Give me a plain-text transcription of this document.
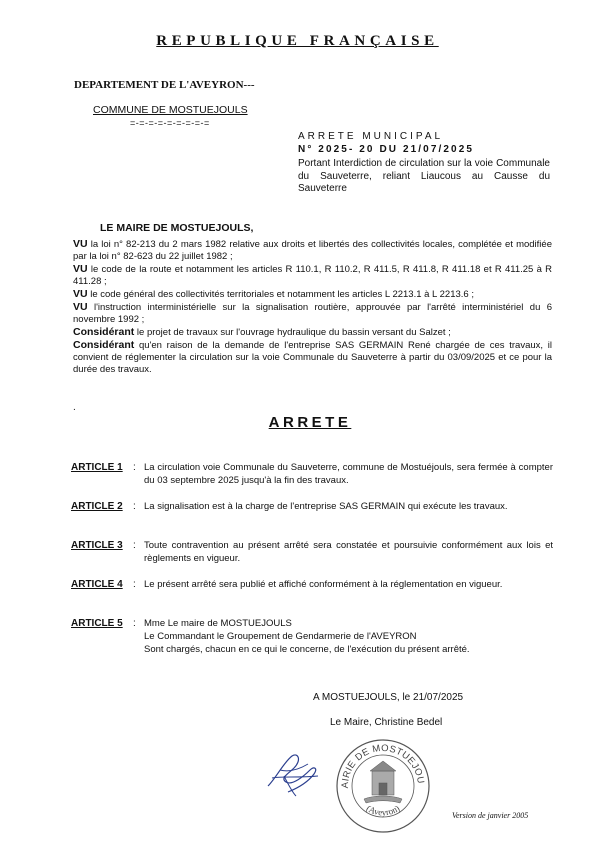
REPUBLIQUE FRANÇAISE
DEPARTEMENT DE L'AVEYRON---
COMMUNE DE MOSTUEJOULS
=-=-=-=-=-=-=-=-=
ARRETE MUNICIPAL
N° 2025- 20 DU 21/07/2025
Portant Interdiction de circulation sur la voie Communale du Sauveterre, reliant Liaucous au Causse du Sauveterre
LE MAIRE DE MOSTUEJOULS,

VU la loi n° 82-213 du 2 mars 1982 relative aux droits et libertés des collectivités locales, complétée et modifiée par la loi n° 82-623 du 22 juillet 1982 ;

VU le code de la route et notamment les articles R 110.1, R 110.2, R 411.5, R 411.8, R 411.18 et R 411.25 à R 411.28 ;

VU le code général des collectivités territoriales et notamment les articles L 2213.1 à L 2213.6 ;

VU l'instruction interministérielle sur la signalisation routière, approuvée par l'arrêté interministériel du 6 novembre 1992 ;

Considérant le projet de travaux sur l'ouvrage hydraulique du bassin versant du Salzet ;

Considérant qu'en raison de la demande de l'entreprise SAS GERMAIN René chargée de ces travaux, il convient de réglementer la circulation sur la voie Communale du Sauveterre à partir du 03/09/2025 et ce pour la durée des travaux.

.
ARRETE
ARTICLE 1 : La circulation voie Communale du Sauveterre, commune de Mostuéjouls, sera fermée à compter du 03 septembre 2025 jusqu'à la fin des travaux.
ARTICLE 2 : La signalisation est à la charge de l'entreprise SAS GERMAIN qui exécute les travaux.
ARTICLE 3 : Toute contravention au présent arrêté sera constatée et poursuivie conformément aux lois et règlements en vigueur.
ARTICLE 4 : Le présent arrêté sera publié et affiché conformément à la réglementation en vigueur.
ARTICLE 5 : Mme Le maire de MOSTUEJOULS
Le Commandant le Groupement de Gendarmerie de l'AVEYRON
Sont chargés, chacun en ce qui le concerne, de l'exécution du présent arrêté.
A MOSTUEJOULS, le 21/07/2025
Le Maire, Christine Bedel
AIRIE DE MOSTUEJOU
(Aveyron)
Version de janvier 2005
